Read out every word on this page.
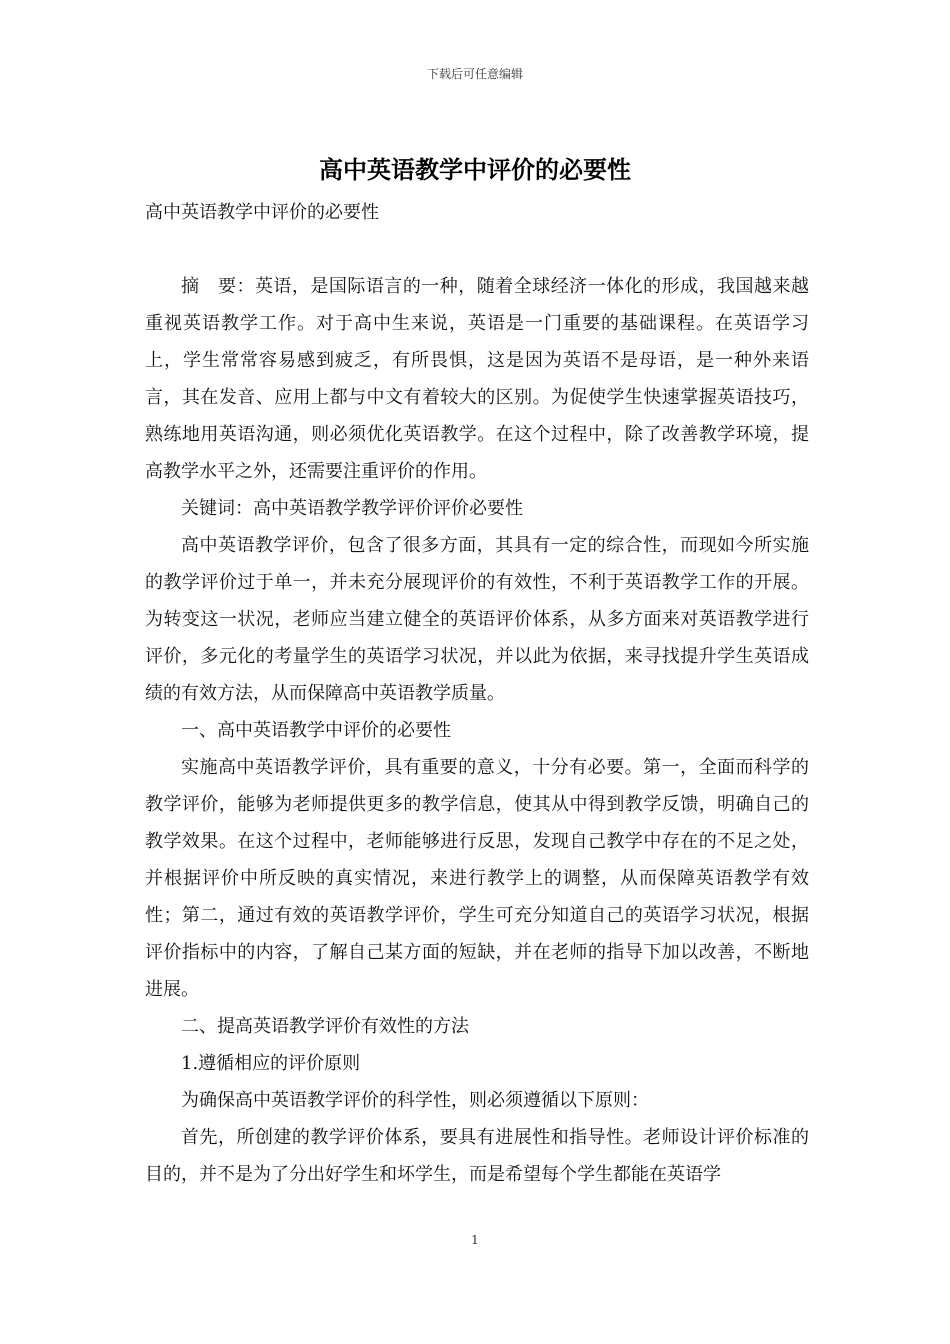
下载后可任意编辑
高中英语教学中评价的必要性

高中英语教学中评价的必要性

摘　要：英语，是国际语言的一种，随着全球经济一体化的形成，我国越来越重视英语教学工作。对于高中生来说，英语是一门重要的基础课程。在英语学习上，学生常常容易感到疲乏，有所畏惧，这是因为英语不是母语，是一种外来语言，其在发音、应用上都与中文有着较大的区别。为促使学生快速掌握英语技巧，熟练地用英语沟通，则必须优化英语教学。在这个过程中，除了改善教学环境，提高教学水平之外，还需要注重评价的作用。

关键词：高中英语教学教学评价评价必要性

高中英语教学评价，包含了很多方面，其具有一定的综合性，而现如今所实施的教学评价过于单一，并未充分展现评价的有效性，不利于英语教学工作的开展。为转变这一状况，老师应当建立健全的英语评价体系，从多方面来对英语教学进行评价，多元化的考量学生的英语学习状况，并以此为依据，来寻找提升学生英语成绩的有效方法，从而保障高中英语教学质量。

一、高中英语教学中评价的必要性

实施高中英语教学评价，具有重要的意义，十分有必要。第一，全面而科学的教学评价，能够为老师提供更多的教学信息，使其从中得到教学反馈，明确自己的教学效果。在这个过程中，老师能够进行反思，发现自己教学中存在的不足之处，并根据评价中所反映的真实情况，来进行教学上的调整，从而保障英语教学有效性；第二，通过有效的英语教学评价，学生可充分知道自己的英语学习状况，根据评价指标中的内容，了解自己某方面的短缺，并在老师的指导下加以改善，不断地进展。

二、提高英语教学评价有效性的方法

1.遵循相应的评价原则

为确保高中英语教学评价的科学性，则必须遵循以下原则：

首先，所创建的教学评价体系，要具有进展性和指导性。老师设计评价标准的目的，并不是为了分出好学生和坏学生，而是希望每个学生都能在英语学

1
